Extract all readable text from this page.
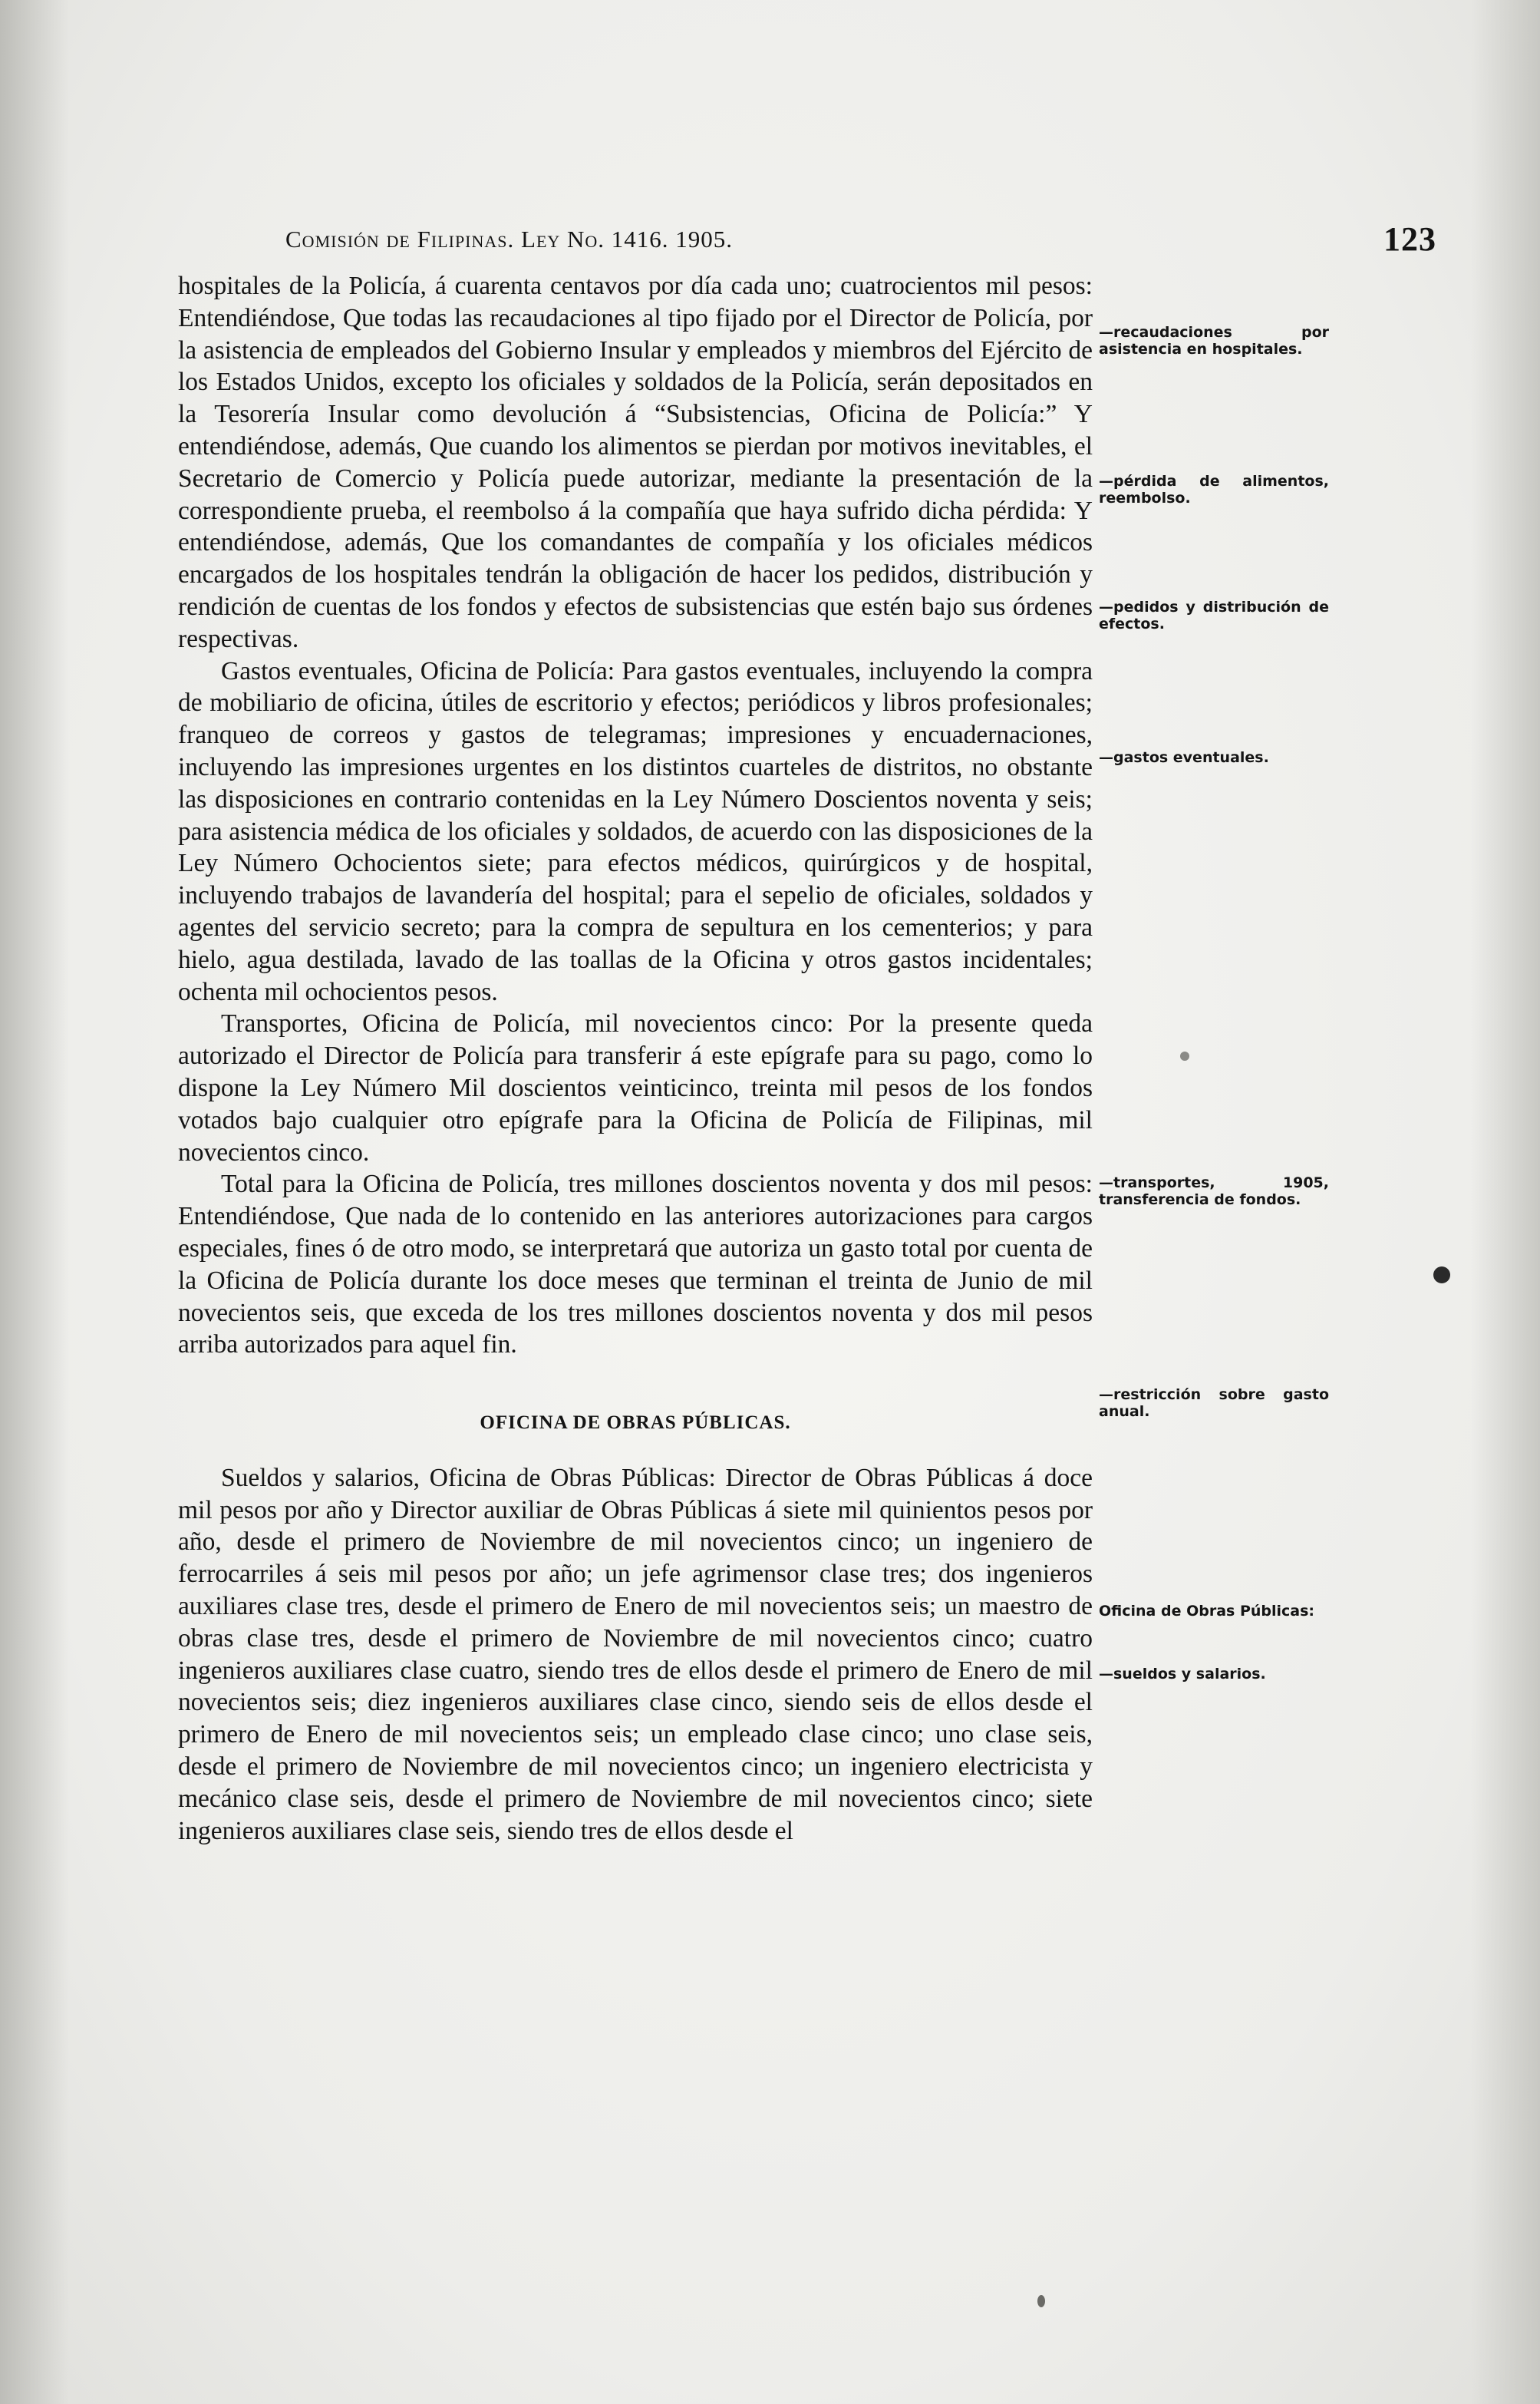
Comisión de Filipinas. Ley No. 1416. 1905.	123

hospitales de la Policía, á cuarenta centavos por día cada uno; cuatrocientos mil pesos: Entendiéndose, Que todas las recaudaciones al tipo fijado por el Director de Policía, por la asistencia de empleados del Gobierno Insular y empleados y miembros del Ejército de los Estados Unidos, excepto los oficiales y soldados de la Policía, serán depositados en la Tesorería Insular como devolución á “Subsistencias, Oficina de Policía:” Y entendiéndose, además, Que cuando los alimentos se pierdan por motivos inevitables, el Secretario de Comercio y Policía puede autorizar, mediante la presentación de la correspondiente prueba, el reembolso á la compañía que haya sufrido dicha pérdida: Y entendiéndose, además, Que los comandantes de compañía y los oficiales médicos encargados de los hospitales tendrán la obligación de hacer los pedidos, distribución y rendición de cuentas de los fondos y efectos de subsistencias que estén bajo sus órdenes respectivas.

Gastos eventuales, Oficina de Policía: Para gastos eventuales, incluyendo la compra de mobiliario de oficina, útiles de escritorio y efectos; periódicos y libros profesionales; franqueo de correos y gastos de telegramas; impresiones y encuadernaciones, incluyendo las impresiones urgentes en los distintos cuarteles de distritos, no obstante las disposiciones en contrario contenidas en la Ley Número Doscientos noventa y seis; para asistencia médica de los oficiales y soldados, de acuerdo con las disposiciones de la Ley Número Ochocientos siete; para efectos médicos, quirúrgicos y de hospital, incluyendo trabajos de lavandería del hospital; para el sepelio de oficiales, soldados y agentes del servicio secreto; para la compra de sepultura en los cementerios; y para hielo, agua destilada, lavado de las toallas de la Oficina y otros gastos incidentales; ochenta mil ochocientos pesos.

Transportes, Oficina de Policía, mil novecientos cinco: Por la presente queda autorizado el Director de Policía para transferir á este epígrafe para su pago, como lo dispone la Ley Número Mil doscientos veinticinco, treinta mil pesos de los fondos votados bajo cualquier otro epígrafe para la Oficina de Policía de Filipinas, mil novecientos cinco.

Total para la Oficina de Policía, tres millones doscientos noventa y dos mil pesos: Entendiéndose, Que nada de lo contenido en las anteriores autorizaciones para cargos especiales, fines ó de otro modo, se interpretará que autoriza un gasto total por cuenta de la Oficina de Policía durante los doce meses que terminan el treinta de Junio de mil novecientos seis, que exceda de los tres millones doscientos noventa y dos mil pesos arriba autorizados para aquel fin.

OFICINA DE OBRAS PÚBLICAS.

Sueldos y salarios, Oficina de Obras Públicas: Director de Obras Públicas á doce mil pesos por año y Director auxiliar de Obras Públicas á siete mil quinientos pesos por año, desde el primero de Noviembre de mil novecientos cinco; un ingeniero de ferrocarriles á seis mil pesos por año; un jefe agrimensor clase tres; dos ingenieros auxiliares clase tres, desde el primero de Enero de mil novecientos seis; un maestro de obras clase tres, desde el primero de Noviembre de mil novecientos cinco; cuatro ingenieros auxiliares clase cuatro, siendo tres de ellos desde el primero de Enero de mil novecientos seis; diez ingenieros auxiliares clase cinco, siendo seis de ellos desde el primero de Enero de mil novecientos seis; un empleado clase cinco; uno clase seis, desde el primero de Noviembre de mil novecientos cinco; un ingeniero electricista y mecánico clase seis, desde el primero de Noviembre de mil novecientos cinco; siete ingenieros auxiliares clase seis, siendo tres de ellos desde el

—recaudaciones por asistencia en hospitales.
—pérdida de alimentos, reembolso.
—pedidos y distribución de efectos.
—gastos eventuales.
—transportes, 1905, transferencia de fondos.
—restricción sobre gasto anual.
Oficina de Obras Públicas:
—sueldos y salarios.
